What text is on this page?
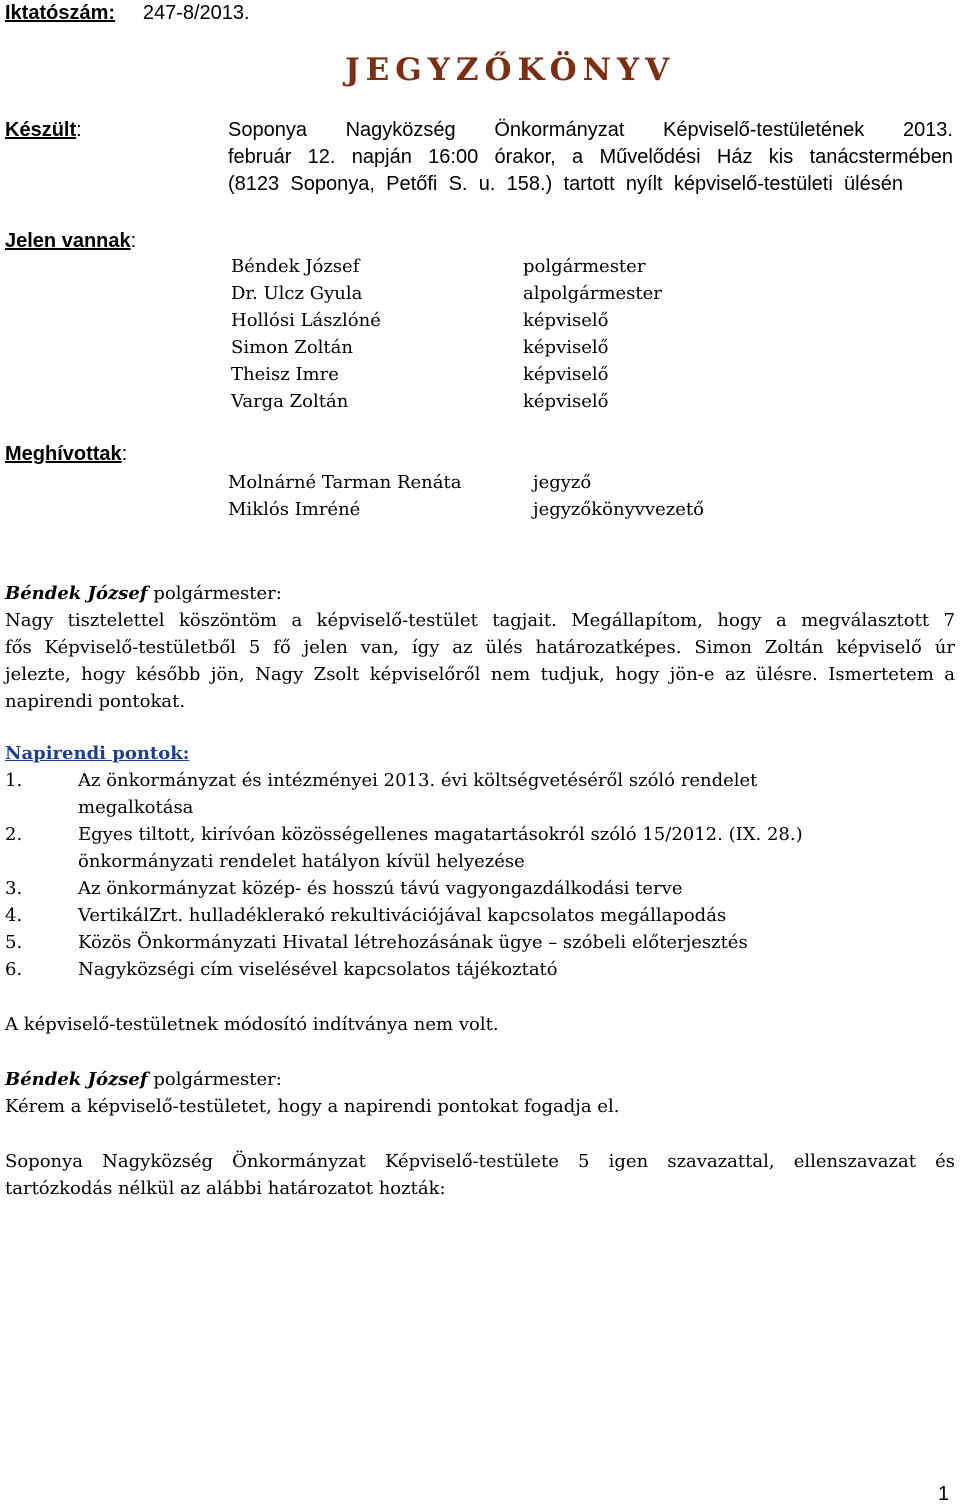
Iktatószám: 247-8/2013.
JEGYZŐKÖNYV
Készült:	Soponya Nagyközség Önkormányzat Képviselő-testületének 2013.
február 12. napján 16:00 órakor, a Művelődési Ház kis tanácstermében
(8123 Soponya, Petőfi S. u. 158.) tartott nyílt képviselő-testületi ülésén
Jelen vannak:
Béndek József	polgármester
Dr. Ulcz Gyula	alpolgármester
Hollósi Lászlóné	képviselő
Simon Zoltán	képviselő
Theisz Imre	képviselő
Varga Zoltán	képviselő
Meghívottak:
Molnárné Tarman Renáta	jegyző
Miklós Imréné	jegyzőkönyvvezető
Béndek József polgármester:
Nagy tisztelettel köszöntöm a képviselő-testület tagjait. Megállapítom, hogy a megválasztott 7
fős Képviselő-testületből 5 fő jelen van, így az ülés határozatképes. Simon Zoltán képviselő úr
jelezte, hogy később jön, Nagy Zsolt képviselőről nem tudjuk, hogy jön-e az ülésre. Ismertetem a
napirendi pontokat.
Napirendi pontok:
1.	Az önkormányzat és intézményei 2013. évi költségvetéséről szóló rendelet
megalkotása
2.	Egyes tiltott, kirívóan közösségellenes magatartásokról szóló 15/2012. (IX. 28.)
önkormányzati rendelet hatályon kívül helyezése
3.	Az önkormányzat közép- és hosszú távú vagyongazdálkodási terve
4.	VertikálZrt. hulladéklerakó rekultivációjával kapcsolatos megállapodás
5.	Közös Önkormányzati Hivatal létrehozásának ügye – szóbeli előterjesztés
6.	Nagyközségi cím viselésével kapcsolatos tájékoztató
A képviselő-testületnek módosító indítványa nem volt.
Béndek József polgármester:
Kérem a képviselő-testületet, hogy a napirendi pontokat fogadja el.
Soponya Nagyközség Önkormányzat Képviselő-testülete 5 igen szavazattal, ellenszavazat és
tartózkodás nélkül az alábbi határozatot hozták:
1
